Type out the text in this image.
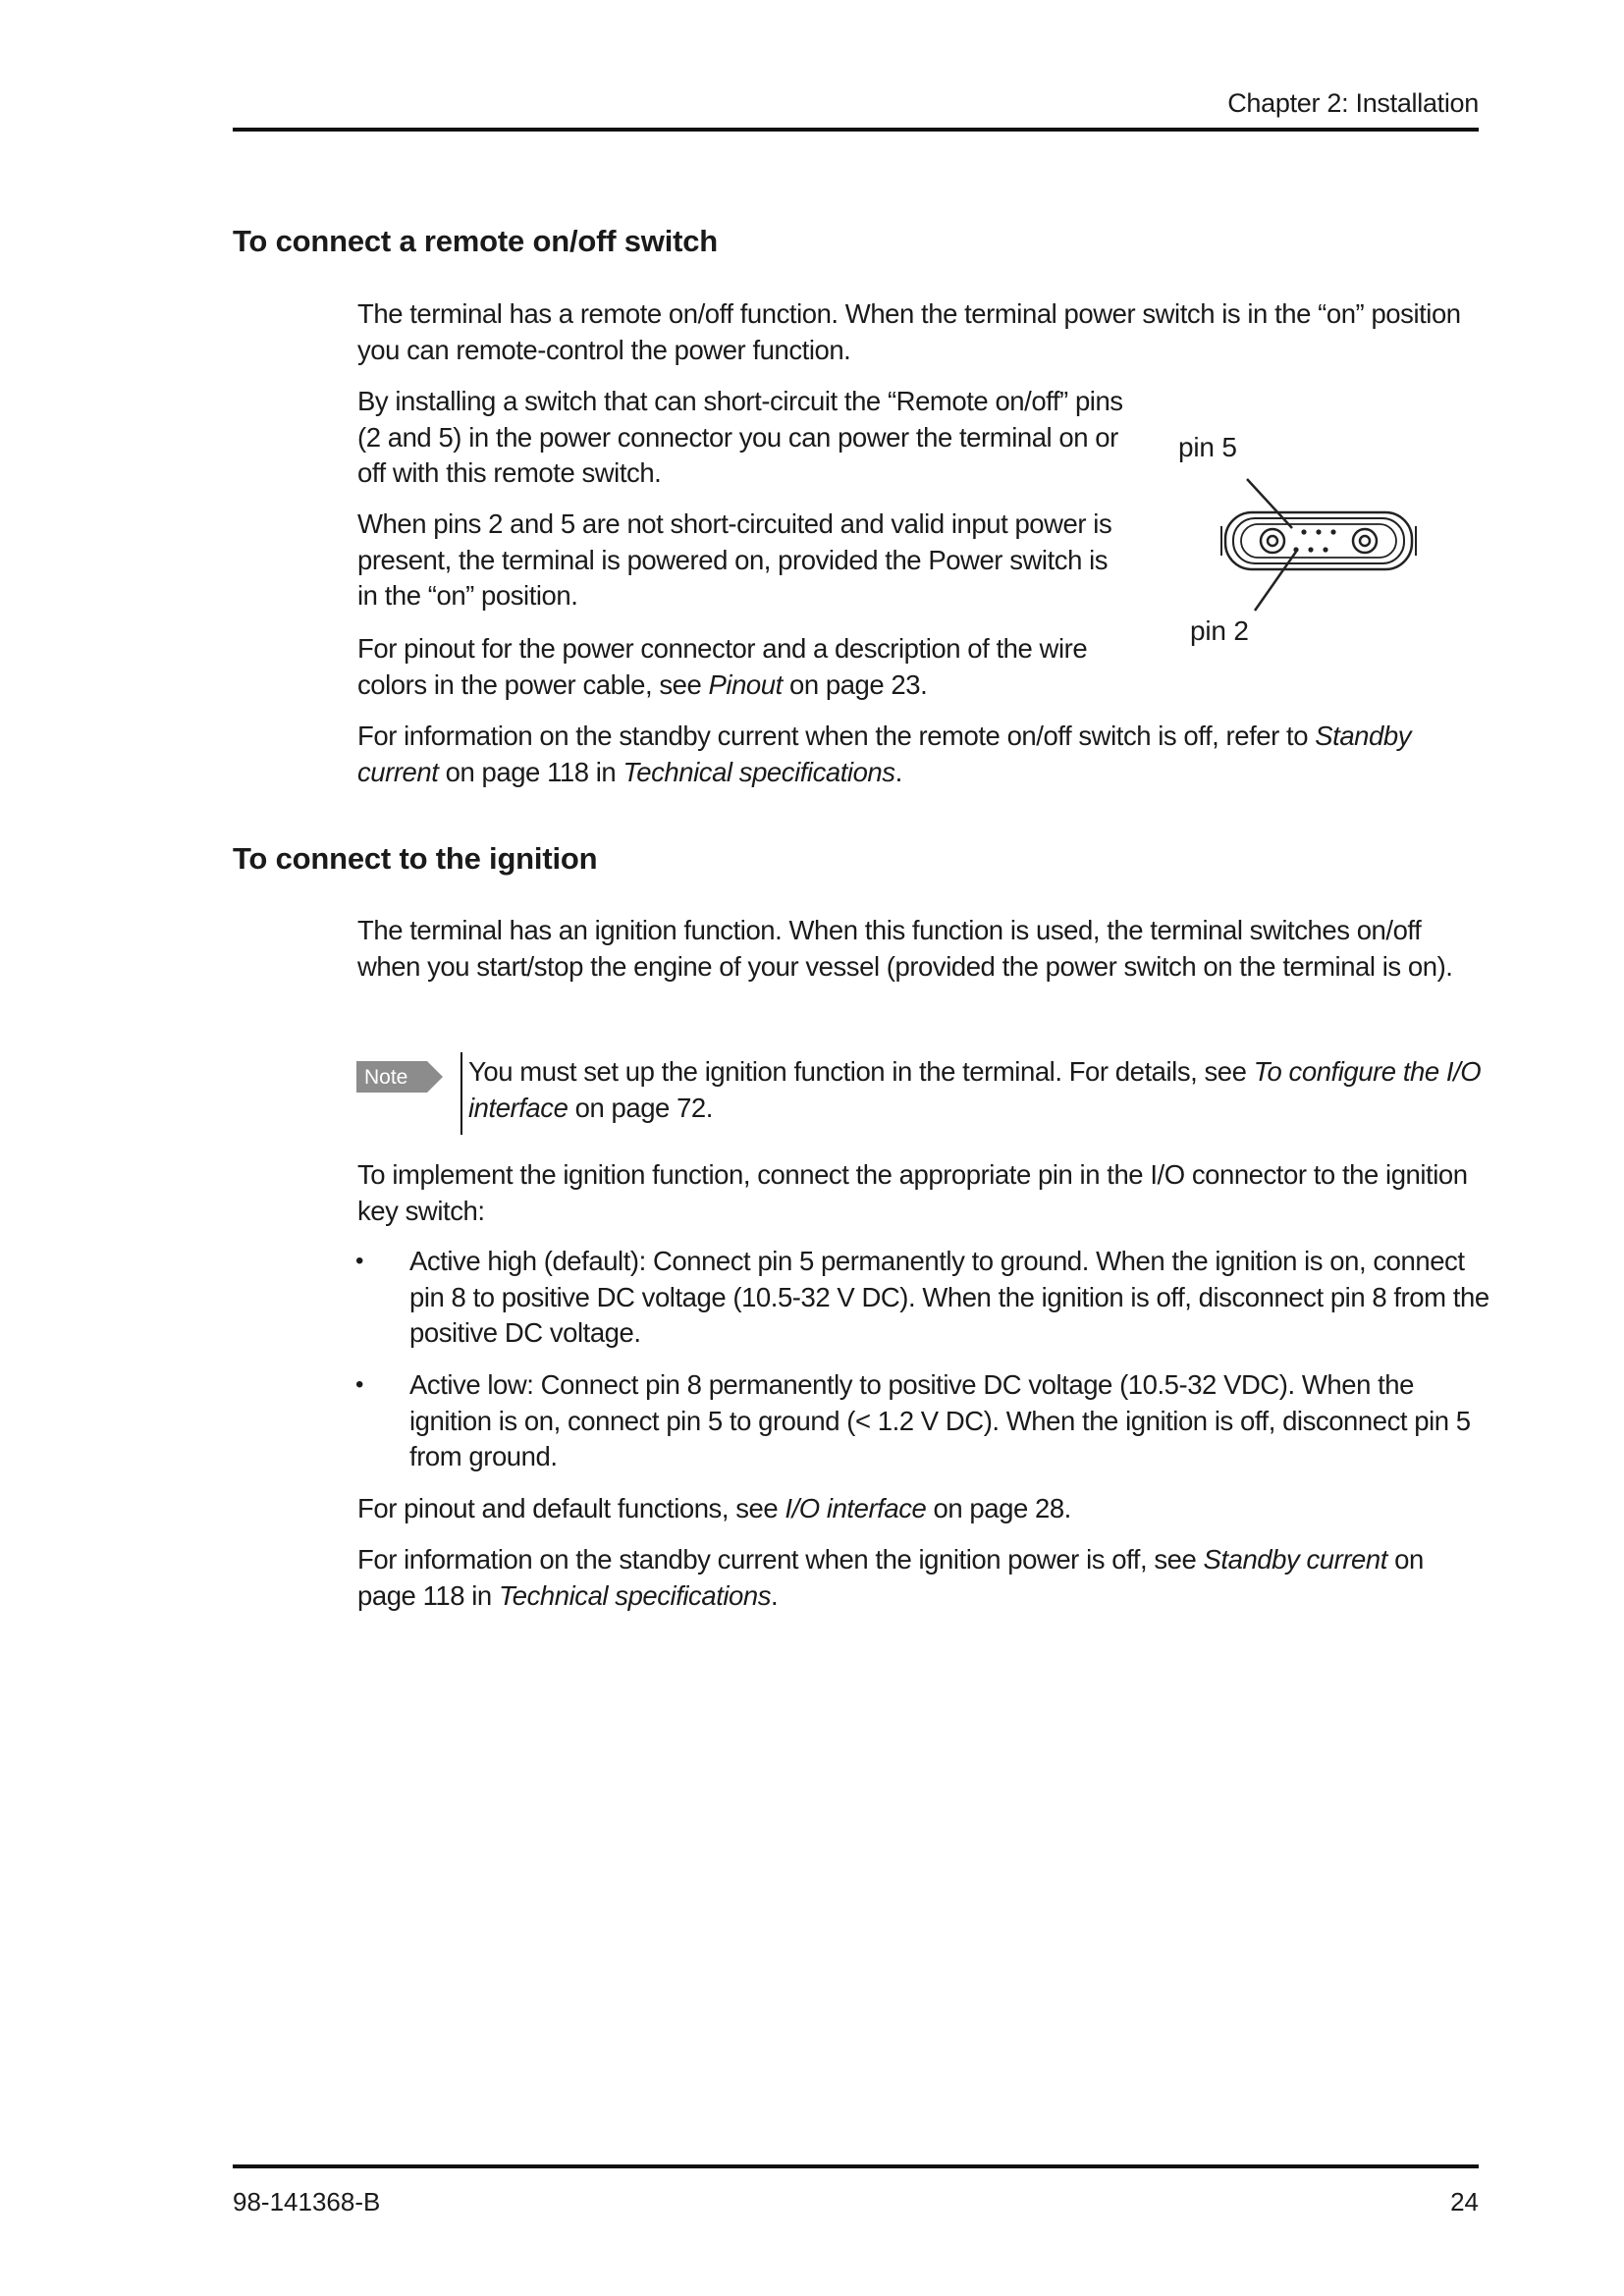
Chapter 2: Installation
To connect a remote on/off switch

The terminal has a remote on/off function. When the terminal power switch is in the “on” position you can remote-control the power function.

By installing a switch that can short-circuit the “Remote on/off” pins (2 and 5) in the power connector you can power the terminal on or off with this remote switch.

When pins 2 and 5 are not short-circuited and valid input power is present, the terminal is powered on, provided the Power switch is in the “on” position.

For pinout for the power connector and a description of the wire colors in the power cable, see Pinout on page 23.

For information on the standby current when the remote on/off switch is off, refer to Standby current on page 118 in Technical specifications.

pin 5
pin 2
To connect to the ignition

The terminal has an ignition function. When this function is used, the terminal switches on/off when you start/stop the engine of your vessel (provided the power switch on the terminal is on).

Note You must set up the ignition function in the terminal. For details, see To configure the I/O interface on page 72.

To implement the ignition function, connect the appropriate pin in the I/O connector to the ignition key switch:

• Active high (default): Connect pin 5 permanently to ground. When the ignition is on, connect pin 8 to positive DC voltage (10.5-32 V DC). When the ignition is off, disconnect pin 8 from the positive DC voltage.

• Active low: Connect pin 8 permanently to positive DC voltage (10.5-32 VDC). When the ignition is on, connect pin 5 to ground (< 1.2 V DC). When the ignition is off, disconnect pin 5 from ground.

For pinout and default functions, see I/O interface on page 28.

For information on the standby current when the ignition power is off, see Standby current on page 118 in Technical specifications.

98-141368-B	24
